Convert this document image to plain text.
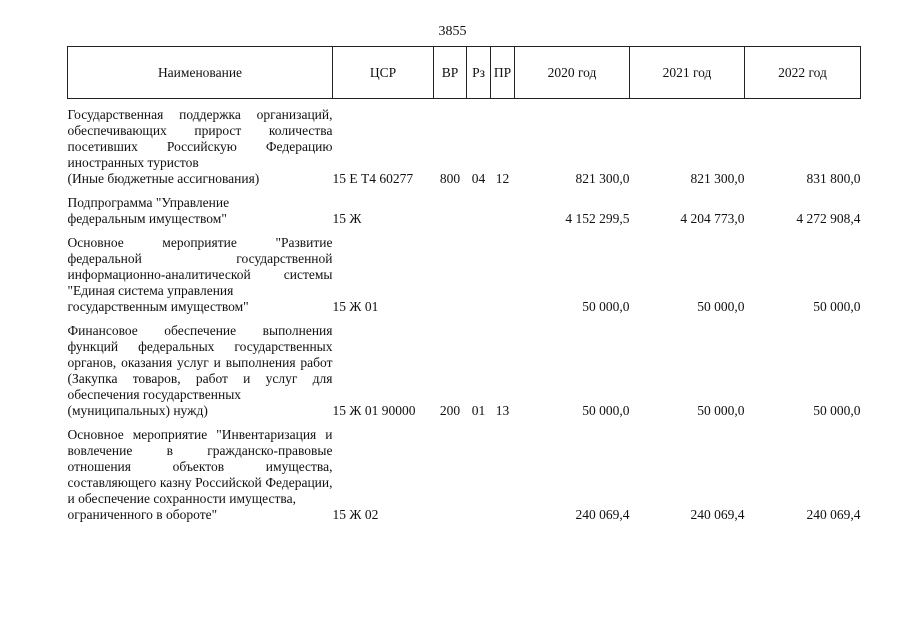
3855
Наименование	ЦСР	ВР	Рз	ПР	2020 год	2021 год	2022 год

Государственная поддержка организаций, обеспечивающих прирост количества посетивших Российскую Федерацию иностранных туристов
(Иные бюджетные ассигнования)	15 Е Т4 60277	800	04	12	821 300,0	821 300,0	831 800,0

Подпрограмма "Управление
федеральным имуществом"	15 Ж				4 152 299,5	4 204 773,0	4 272 908,4

Основное мероприятие "Развитие федеральной государственной информационно-аналитической системы "Единая система управления
государственным имуществом"	15 Ж 01				50 000,0	50 000,0	50 000,0

Финансовое обеспечение выполнения функций федеральных государственных органов, оказания услуг и выполнения работ (Закупка товаров, работ и услуг для обеспечения государственных
(муниципальных) нужд)	15 Ж 01 90000	200	01	13	50 000,0	50 000,0	50 000,0

Основное мероприятие "Инвентаризация и вовлечение в гражданско-правовые отношения объектов имущества, составляющего казну Российской Федерации, и обеспечение сохранности имущества,
ограниченного в обороте"	15 Ж 02				240 069,4	240 069,4	240 069,4
